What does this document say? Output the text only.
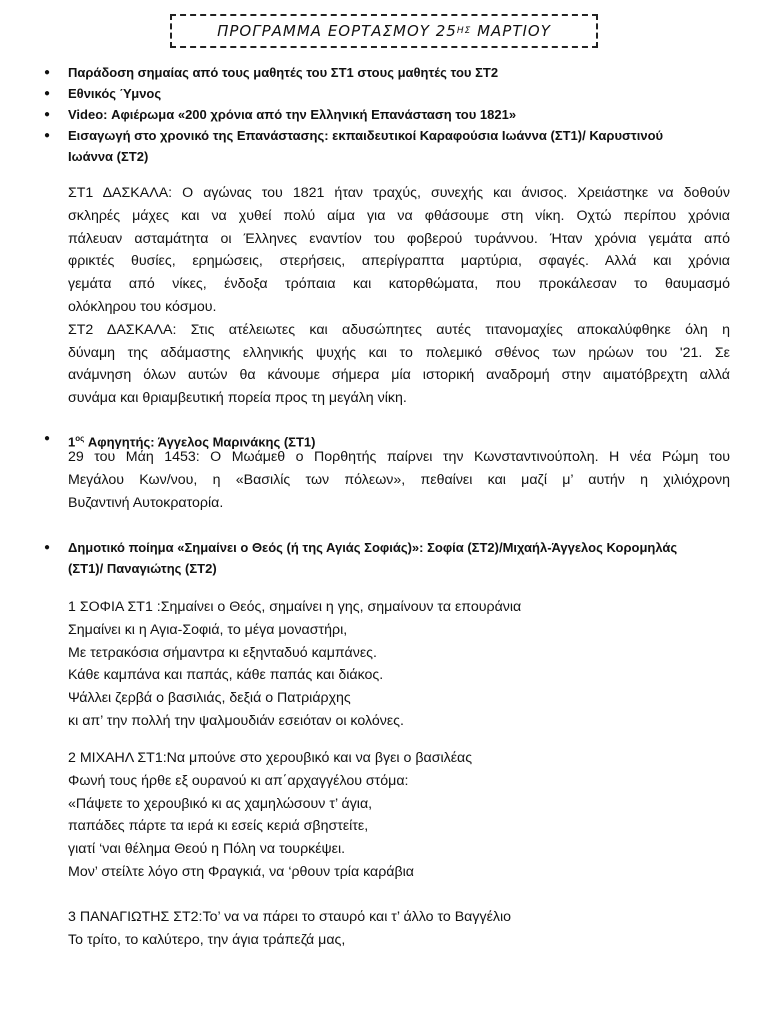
ΠΡΟΓΡΑΜΜΑ ΕΟΡΤΑΣΜΟΥ 25 ΗΣ
ΜΑΡΤΙΟΥ
● Παράδοση σημαίας από τους μαθητές του ΣΤ1 στους μαθητές του ΣΤ2
● Εθνικός Ύμνος
● Video: Αφιέρωμα «200 χρόνια από την Ελληνική Επανάσταση του 1821»
● Εισαγωγή στο χρονικό της Επανάστασης: εκπαιδευτικοί Καραφούσια Ιωάννα (ΣΤ1)/ Καρυστινού
Ιωάννα (ΣΤ2)
ΣΤ1 ΔΑΣΚΑΛΑ: Ο αγώνας του 1821 ήταν τραχύς, συνεχής και άνισος. Χρειάστηκε να δοθούν
σκληρές μάχες και να χυθεί πολύ αίμα για να φθάσουμε στη νίκη. Οχτώ περίπου χρόνια
πάλευαν ασταμάτητα οι Έλληνες εναντίον του φοβερού τυράννου. Ήταν χρόνια γεμάτα από
φρικτές θυσίες, ερημώσεις, στερήσεις, απερίγραπτα μαρτύρια, σφαγές. Αλλά και χρόνια
γεμάτα από νίκες, ένδοξα τρόπαια και κατορθώματα, που προκάλεσαν το θαυμασμό
ολόκληρου του κόσμου.
ΣΤ2 ΔΑΣΚΑΛΑ: Στις ατέλειωτες και αδυσώπητες αυτές τιτανομαχίες αποκαλύφθηκε όλη η
δύναμη της αδάμαστης ελληνικής ψυχής και το πολεμικό σθένος των ηρώων του '21. Σε
ανάμνηση όλων αυτών θα κάνουμε σήμερα μία ιστορική αναδρομή στην αιματόβρεχτη αλλά
συνάμα και θριαμβευτική πορεία προς τη μεγάλη νίκη.
● $1^{o\varsigma}$ Αφηγητής: Άγγελος Μαρινάκης (ΣΤ1)
29 του Μάη 1453: Ο Μωάμεθ ο Πορθητής παίρνει την Κωνσταντινούπολη. Η νέα Ρώμη του
Μεγάλου Κων/νου, η «Βασιλίς των πόλεων», πεθαίνει και μαζί μ’ αυτήν η χιλιόχρονη
Βυζαντινή Αυτοκρατορία.
● Δημοτικό ποίημα «Σημαίνει ο Θεός (ή της Αγιάς Σοφιάς)»: Σοφία (ΣΤ2)/Μιχαήλ-Άγγελος Κορομηλάς
(ΣΤ1)/ Παναγιώτης (ΣΤ2)
1 ΣΟΦΙΑ ΣΤ1 :Σημαίνει ο Θεός, σημαίνει η γης, σημαίνουν τα επουράνια
Σημαίνει κι η Αγια-Σοφιά, το μέγα μοναστήρι,
Με τετρακόσια σήμαντρα κι εξηνταδυό καμπάνες.
Κάθε καμπάνα και παπάς, κάθε παπάς και διάκος.
Ψάλλει ζερβά ο βασιλιάς, δεξιά ο Πατριάρχης
κι απ’ την πολλή την ψαλμουδιάν εσειόταν οι κολόνες.
2 ΜΙΧΑΗΛ ΣΤ1:Να μπούνε στο χερουβικό και να βγει ο βασιλέας
Φωνή τους ήρθε εξ ουρανού κι απ΄αρχαγγέλου στόμα:
«Πάψετε το χερουβικό κι ας χαμηλώσουν τ’ άγια,
παπάδες πάρτε τα ιερά κι εσείς κεριά σβηστείτε,
γιατί ‘ναι θέλημα Θεού η Πόλη να τουρκέψει.
Μον’ στείλτε λόγο στη Φραγκιά, να ‘ρθουν τρία καράβια
3 ΠΑΝΑΓΙΩΤΗΣ ΣΤ2:Το’ να να πάρει το σταυρό και τ’ άλλο το Βαγγέλιο
Το τρίτο, το καλύτερο, την άγια τράπεζά μας,
